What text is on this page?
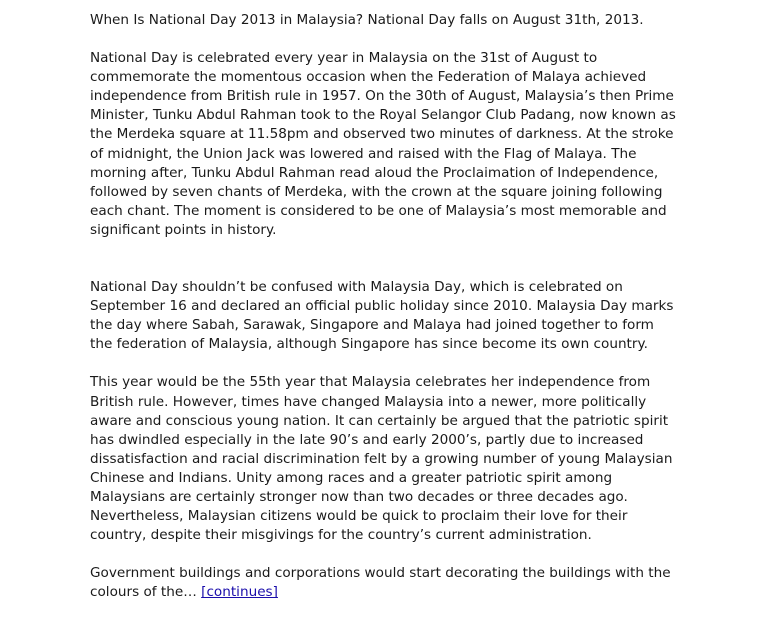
When Is National Day 2013 in Malaysia? National Day falls on August 31th, 2013.

National Day is celebrated every year in Malaysia on the 31st of August to commemorate the momentous occasion when the Federation of Malaya achieved independence from British rule in 1957. On the 30th of August, Malaysia’s then Prime Minister, Tunku Abdul Rahman took to the Royal Selangor Club Padang, now known as the Merdeka square at 11.58pm and observed two minutes of darkness. At the stroke of midnight, the Union Jack was lowered and raised with the Flag of Malaya. The morning after, Tunku Abdul Rahman read aloud the Proclaimation of Independence, followed by seven chants of Merdeka, with the crown at the square joining following each chant. The moment is considered to be one of Malaysia’s most memorable and significant points in history.

National Day shouldn’t be confused with Malaysia Day, which is celebrated on September 16 and declared an official public holiday since 2010. Malaysia Day marks the day where Sabah, Sarawak, Singapore and Malaya had joined together to form the federation of Malaysia, although Singapore has since become its own country.

This year would be the 55th year that Malaysia celebrates her independence from British rule. However, times have changed Malaysia into a newer, more politically aware and conscious young nation. It can certainly be argued that the patriotic spirit has dwindled especially in the late 90’s and early 2000’s, partly due to increased dissatisfaction and racial discrimination felt by a growing number of young Malaysian Chinese and Indians. Unity among races and a greater patriotic spirit among Malaysians are certainly stronger now than two decades or three decades ago. Nevertheless, Malaysian citizens would be quick to proclaim their love for their country, despite their misgivings for the country’s current administration.

Government buildings and corporations would start decorating the buildings with the colours of the… [continues]
